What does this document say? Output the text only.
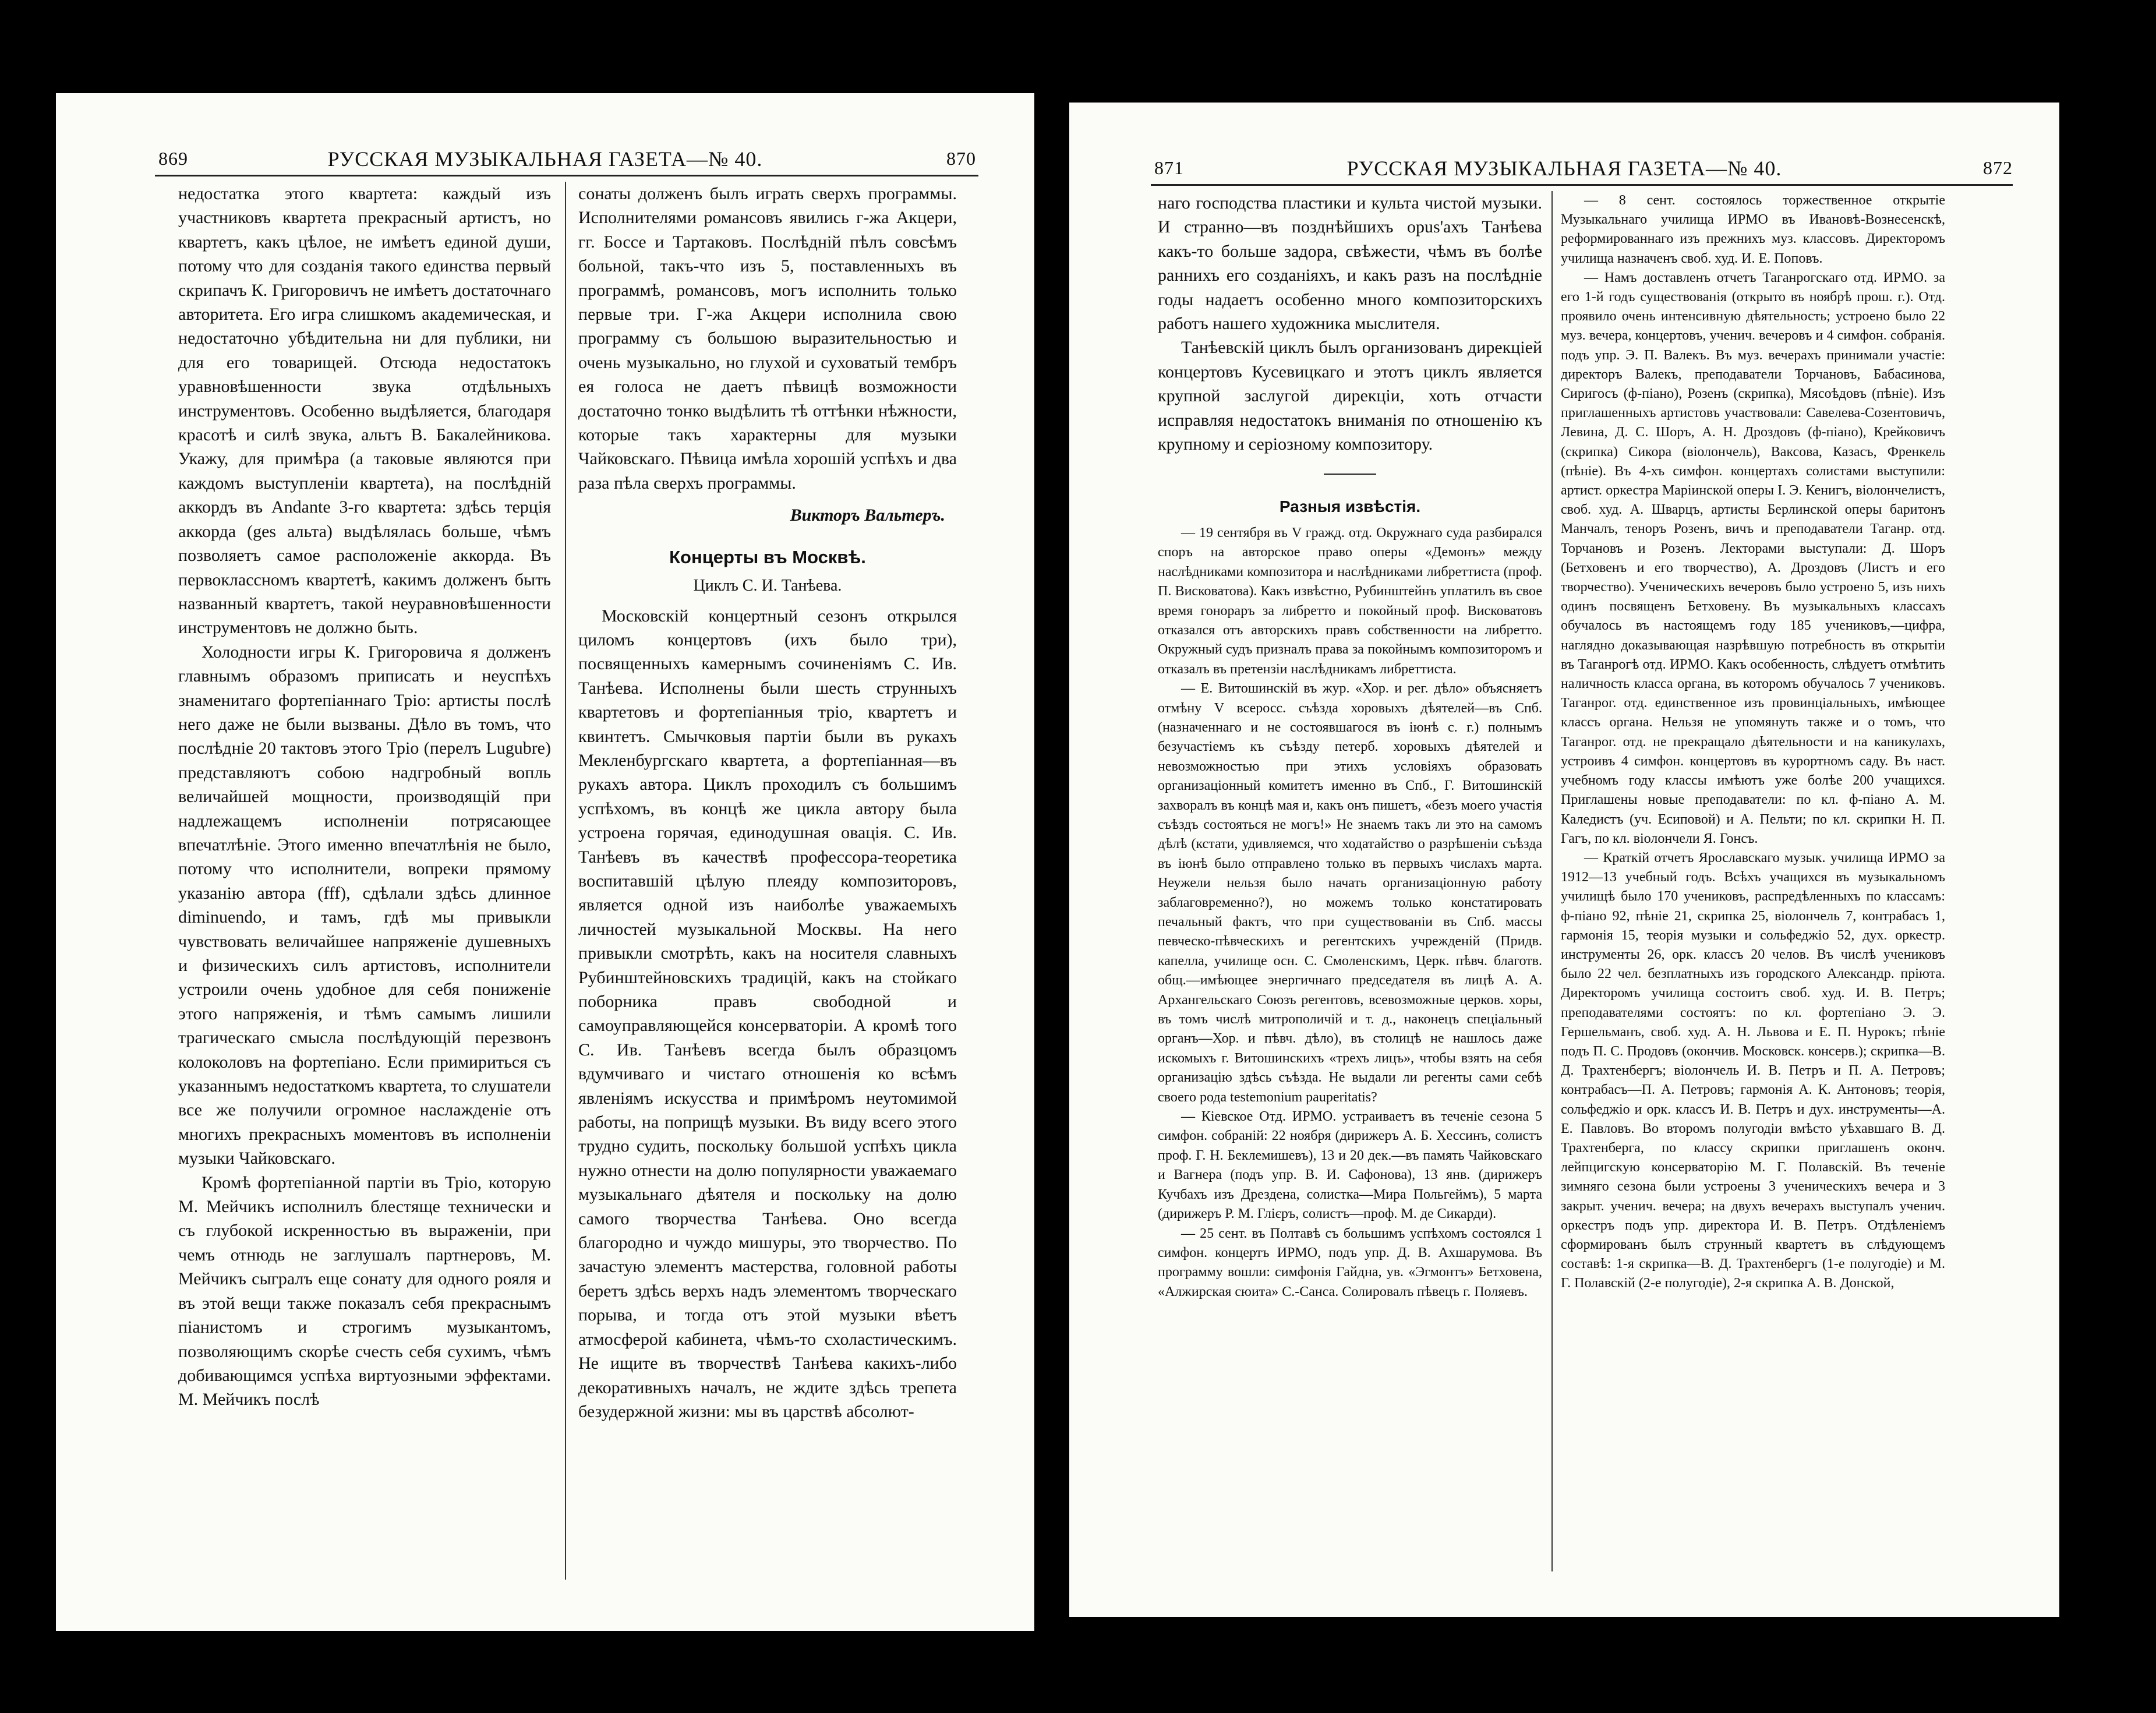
869	РУССКАЯ МУЗЫКАЛЬНАЯ ГАЗЕТА—№ 40.	870

недостатка этого квартета: каждый изъ участниковъ квартета прекрасный артистъ, но квартетъ, какъ цѣлое, не имѣетъ единой души, потому что для созданія такого единства первый скрипачъ К. Григоровичъ не имѣетъ достаточнаго авторитета. Его игра слишкомъ академическая, и недостаточно убѣдительна ни для публики, ни для его товарищей. Отсюда недостатокъ уравновѣшенности звука отдѣльныхъ инструментовъ. Особенно выдѣляется, благодаря красотѣ и силѣ звука, альтъ В. Бакалейникова. Укажу, для примѣра (а таковые являются при каждомъ выступленіи квартета), на послѣдній аккордъ въ Andante 3-го квартета: здѣсь терція аккорда (ges альта) выдѣлялась больше, чѣмъ позволяетъ самое расположеніе аккорда. Въ первоклассномъ квартетѣ, какимъ долженъ быть названный квартетъ, такой неуравновѣшенности инструментовъ не должно быть.

Холодности игры К. Григоровича я долженъ главнымъ образомъ приписать и неуспѣхъ знаменитаго фортепіаннаго Тріо: артисты послѣ него даже не были вызваны. Дѣло въ томъ, что послѣдніе 20 тактовъ этого Тріо (перелъ Lugubre) представляютъ собою надгробный вопль величайшей мощности, производящій при надлежащемъ исполненіи потрясающее впечатлѣніе. Этого именно впечатлѣнія не было, потому что исполнители, вопреки прямому указанію автора (fff), сдѣлали здѣсь длинное diminuendo, и тамъ, гдѣ мы привыкли чувствовать величайшее напряженіе душевныхъ и физическихъ силъ артистовъ, исполнители устроили очень удобное для себя пониженіе этого напряженія, и тѣмъ самымъ лишили трагическаго смысла послѣдующій перезвонъ колоколовъ на фортепіано. Если примириться съ указаннымъ недостаткомъ квартета, то слушатели все же получили огромное наслажденіе отъ многихъ прекрасныхъ моментовъ въ исполненіи музыки Чайковскаго.

Кромѣ фортепіанной партіи въ Тріо, которую М. Мейчикъ исполнилъ блестяще технически и съ глубокой искренностью въ выраженіи, при чемъ отнюдь не заглушалъ партнеровъ, М. Мейчикъ сыгралъ еще сонату для одного рояля и въ этой вещи также показалъ себя прекраснымъ піанистомъ и строгимъ музыкантомъ, позволяющимъ скорѣе счесть себя сухимъ, чѣмъ добивающимся успѣха виртуозными эффектами. М. Мейчикъ послѣ

сонаты долженъ былъ играть сверхъ программы. Исполнителями романсовъ явились г-жа Акцери, гг. Боссе и Тартаковъ. Послѣдній пѣлъ совсѣмъ больной, такъ-что изъ 5, поставленныхъ въ программѣ, романсовъ, могъ исполнить только первые три. Г-жа Акцери исполнила свою программу съ большою выразительностью и очень музыкально, но глухой и суховатый тембръ ея голоса не даетъ пѣвицѣ возможности достаточно тонко выдѣлить тѣ оттѣнки нѣжности, которые такъ характерны для музыки Чайковскаго. Пѣвица имѣла хорошій успѣхъ и два раза пѣла сверхъ программы.

Викторъ Вальтеръ.

Концерты въ Москвѣ.

Циклъ С. И. Танѣева.

Московскій концертный сезонъ открылся циломъ концертовъ (ихъ было три), посвященныхъ камернымъ сочиненіямъ С. Ив. Танѣева. Исполнены были шесть струнныхъ квартетовъ и фортепіанныя тріо, квартетъ и квинтетъ. Смычковыя партіи были въ рукахъ Мекленбургскаго квартета, а фортепіанная—въ рукахъ автора. Циклъ проходилъ съ большимъ успѣхомъ, въ концѣ же цикла автору была устроена горячая, единодушная овація. С. Ив. Танѣевъ въ качествѣ профессора-теоретика воспитавшій цѣлую плеяду композиторовъ, является одной изъ наиболѣе уважаемыхъ личностей музыкальной Москвы. На него привыкли смотрѣть, какъ на носителя славныхъ Рубинштейновскихъ традицій, какъ на стойкаго поборника правъ свободной и самоуправляющейся консерваторіи. А кромѣ того С. Ив. Танѣевъ всегда былъ образцомъ вдумчиваго и чистаго отношенія ко всѣмъ явленіямъ искусства и примѣромъ неутомимой работы, на поприщѣ музыки. Въ виду всего этого трудно судить, поскольку большой успѣхъ цикла нужно отнести на долю популярности уважаемаго музыкальнаго дѣятеля и поскольку на долю самого творчества Танѣева. Оно всегда благородно и чуждо мишуры, это творчество. По зачастую элементъ мастерства, головной работы беретъ здѣсь верхъ надъ элементомъ творческаго порыва, и тогда отъ этой музыки вѣетъ атмосферой кабинета, чѣмъ-то схоластическимъ. Не ищите въ творчествѣ Танѣева какихъ-либо декоративныхъ началъ, не ждите здѣсь трепета безудержной жизни: мы въ царствѣ абсолют-

871	РУССКАЯ МУЗЫКАЛЬНАЯ ГАЗЕТА—№ 40.	872

наго господства пластики и культа чистой музыки. И странно—въ позднѣйшихъ opus'ахъ Танѣева какъ-то больше задора, свѣжести, чѣмъ въ болѣе раннихъ его созданіяхъ, и какъ разъ на послѣдніе годы надаетъ особенно много композиторскихъ работъ нашего художника мыслителя.

Танѣевскій циклъ былъ организованъ дирекціей концертовъ Кусевицкаго и этотъ циклъ является крупной заслугой дирекціи, хоть отчасти исправляя недостатокъ вниманія по отношенію къ крупному и серіозному композитору.

Разныя извѣстія.

— 19 сентября въ V гражд. отд. Окружнаго суда разбирался споръ на авторское право оперы «Демонъ» между наслѣдниками композитора и наслѣдниками либреттиста (проф. П. Висковатова). Какъ извѣстно, Рубинштейнъ уплатилъ въ свое время гонораръ за либретто и покойный проф. Висковатовъ отказался отъ авторскихъ правъ собственности на либретто. Окружный судъ призналъ права за покойнымъ композиторомъ и отказалъ въ претензіи наслѣдникамъ либреттиста.

— Е. Витошинскій въ жур. «Хор. и рег. дѣло» объясняетъ отмѣну V всеросс. съѣзда хоровыхъ дѣятелей—въ Спб. (назначеннаго и не состоявшагося въ іюнѣ с. г.) полнымъ безучастіемъ къ съѣзду петерб. хоровыхъ дѣятелей и невозможностью при этихъ условіяхъ образовать организаціонный комитетъ именно въ Спб., Г. Витошинскій захворалъ въ концѣ мая и, какъ онъ пишетъ, «безъ моего участія съѣздъ состояться не могъ!» Не знаемъ такъ ли это на самомъ дѣлѣ (кстати, удивляемся, что ходатайство о разрѣшеніи съѣзда въ іюнѣ было отправлено только въ первыхъ числахъ марта. Неужели нельзя было начать организаціонную работу заблаговременно?), но можемъ только констатировать печальный фактъ, что при существованіи въ Спб. массы певческо-пѣвческихъ и регентскихъ учрежденій (Придв. капелла, училище осн. С. Смоленскимъ, Церк. пѣвч. благотв. общ.—имѣющее энергичнаго председателя въ лицѣ А. А. Архангельскаго Союзъ регентовъ, всевозможные церков. хоры, въ томъ числѣ митрополичій и т. д., наконецъ спеціальный органъ—Хор. и пѣвч. дѣло), въ столицѣ не нашлось даже искомыхъ г. Витошинскихъ «трехъ лицъ», чтобы взять на себя организацію здѣсь съѣзда. Не выдали ли регенты сами себѣ своего рода testemonium pauperitatis?

— Кіевское Отд. ИРМО. устраиваетъ въ теченіе сезона 5 симфон. собраній: 22 ноября (дирижеръ А. Б. Хессинъ, солистъ проф. Г. Н. Беклемишевъ), 13 и 20 дек.—въ память Чайковскаго и Вагнера (подъ упр. В. И. Сафонова), 13 янв. (дирижеръ Кучбахъ изъ Дрездена, солистка—Мира Польгеймъ), 5 марта (дирижеръ Р. М. Глієръ, солистъ—проф. М. де Сикарди).

— 25 сент. въ Полтавѣ съ большимъ успѣхомъ состоялся 1 симфон. концертъ ИРМО, подъ упр. Д. В. Ахшарумова. Въ программу вошли: симфонія Гайдна, ув. «Эгмонтъ» Бетховена, «Алжирская сюита» С.-Санса. Солировалъ пѣвецъ г. Поляевъ.

— 8 сент. состоялось торжественное открытіе Музыкальнаго училища ИРМО въ Ивановѣ-Вознесенскѣ, реформированнаго изъ прежнихъ муз. классовъ. Директоромъ училища назначенъ своб. худ. И. Е. Поповъ.

— Намъ доставленъ отчетъ Таганрогскаго отд. ИРМО. за его 1-й годъ существованія (открыто въ ноябрѣ прош. г.). Отд. проявило очень интенсивную дѣятельность; устроено было 22 муз. вечера, концертовъ, ученич. вечеровъ и 4 симфон. собранія. подъ упр. Э. П. Валекъ. Въ муз. вечерахъ принимали участіе: директоръ Валекъ, преподаватели Торчановъ, Бабасинова, Сиригосъ (ф-піано), Розенъ (скрипка), Мясоѣдовъ (пѣніе). Изъ приглашенныхъ артистовъ участвовали: Савелева-Созентовичъ, Левина, Д. С. Шоръ, А. Н. Дроздовъ (ф-піано), Крейковичъ (скрипка) Сикора (віолончель), Ваксова, Казасъ, Френкель (пѣніе). Въ 4-хъ симфон. концертахъ солистами выступили: артист. оркестра Маріинской оперы I. Э. Кенигъ, віолончелистъ, своб. худ. А. Шварцъ, артисты Берлинской оперы баритонъ Манчалъ, теноръ Розенъ, вичъ и преподаватели Таганр. отд. Торчановъ и Розенъ. Лекторами выступали: Д. Шоръ (Бетховенъ и его творчество), А. Дроздовъ (Листъ и его творчество). Ученическихъ вечеровъ было устроено 5, изъ нихъ одинъ посвященъ Бетховену. Въ музыкальныхъ классахъ обучалось въ настоящемъ году 185 учениковъ,—цифра, наглядно доказывающая назрѣвшую потребность въ открытіи въ Таганрогѣ отд. ИРМО. Какъ особенность, слѣдуетъ отмѣтить наличность класса органа, въ которомъ обучалось 7 учениковъ. Таганрог. отд. единственное изъ провинціальныхъ, имѣющее классъ органа. Нельзя не упомянуть также и о томъ, что Таганрог. отд. не прекращало дѣятельности и на каникулахъ, устроивъ 4 симфон. концертовъ въ курортномъ саду. Въ наст. учебномъ году классы имѣютъ уже болѣе 200 учащихся. Приглашены новые преподаватели: по кл. ф-піано А. М. Каледистъ (уч. Есиповой) и А. Пельти; по кл. скрипки Н. П. Гагъ, по кл. віолончели Я. Гонсъ.

— Краткій отчетъ Ярославскаго музык. училища ИРМО за 1912—13 учебный годъ. Всѣхъ учащихся въ музыкальномъ училищѣ было 170 учениковъ, распредѣленныхъ по классамъ: ф-піано 92, пѣніе 21, скрипка 25, віолончель 7, контрабасъ 1, гармонія 15, теорія музыки и сольфеджіо 52, дух. оркестр. инструменты 26, орк. классъ 20 челов. Въ числѣ учениковъ было 22 чел. безплатныхъ изъ городского Александр. пріюта. Директоромъ училища состоитъ своб. худ. И. В. Петръ; преподавателями состоятъ: по кл. фортепіано Э. Э. Гершельманъ, своб. худ. А. Н. Львова и Е. П. Нурокъ; пѣніе подъ П. С. Продовъ (окончив. Московск. консерв.); скрипка—В. Д. Трахтенбергъ; віолончель И. В. Петръ и П. А. Петровъ; контрабасъ—П. А. Петровъ; гармонія А. К. Антоновъ; теорія, сольфеджіо и орк. классъ И. В. Петръ и дух. инструменты—А. Е. Павловъ. Во второмъ полугодіи вмѣсто уѣхавшаго В. Д. Трахтенберга, по классу скрипки приглашенъ оконч. лейпцигскую консерваторію М. Г. Полавскій. Въ теченіе зимняго сезона были устроены 3 ученическихъ вечера и 3 закрыт. ученич. вечера; на двухъ вечерахъ выступалъ ученич. оркестръ подъ упр. директора И. В. Петръ. Отдѣленіемъ сформированъ былъ струнный квартетъ въ слѣдующемъ составѣ: 1-я скрипка—В. Д. Трахтенбергъ (1-е полугодіе) и М. Г. Полавскій (2-е полугодіе), 2-я скрипка А. В. Донской,
